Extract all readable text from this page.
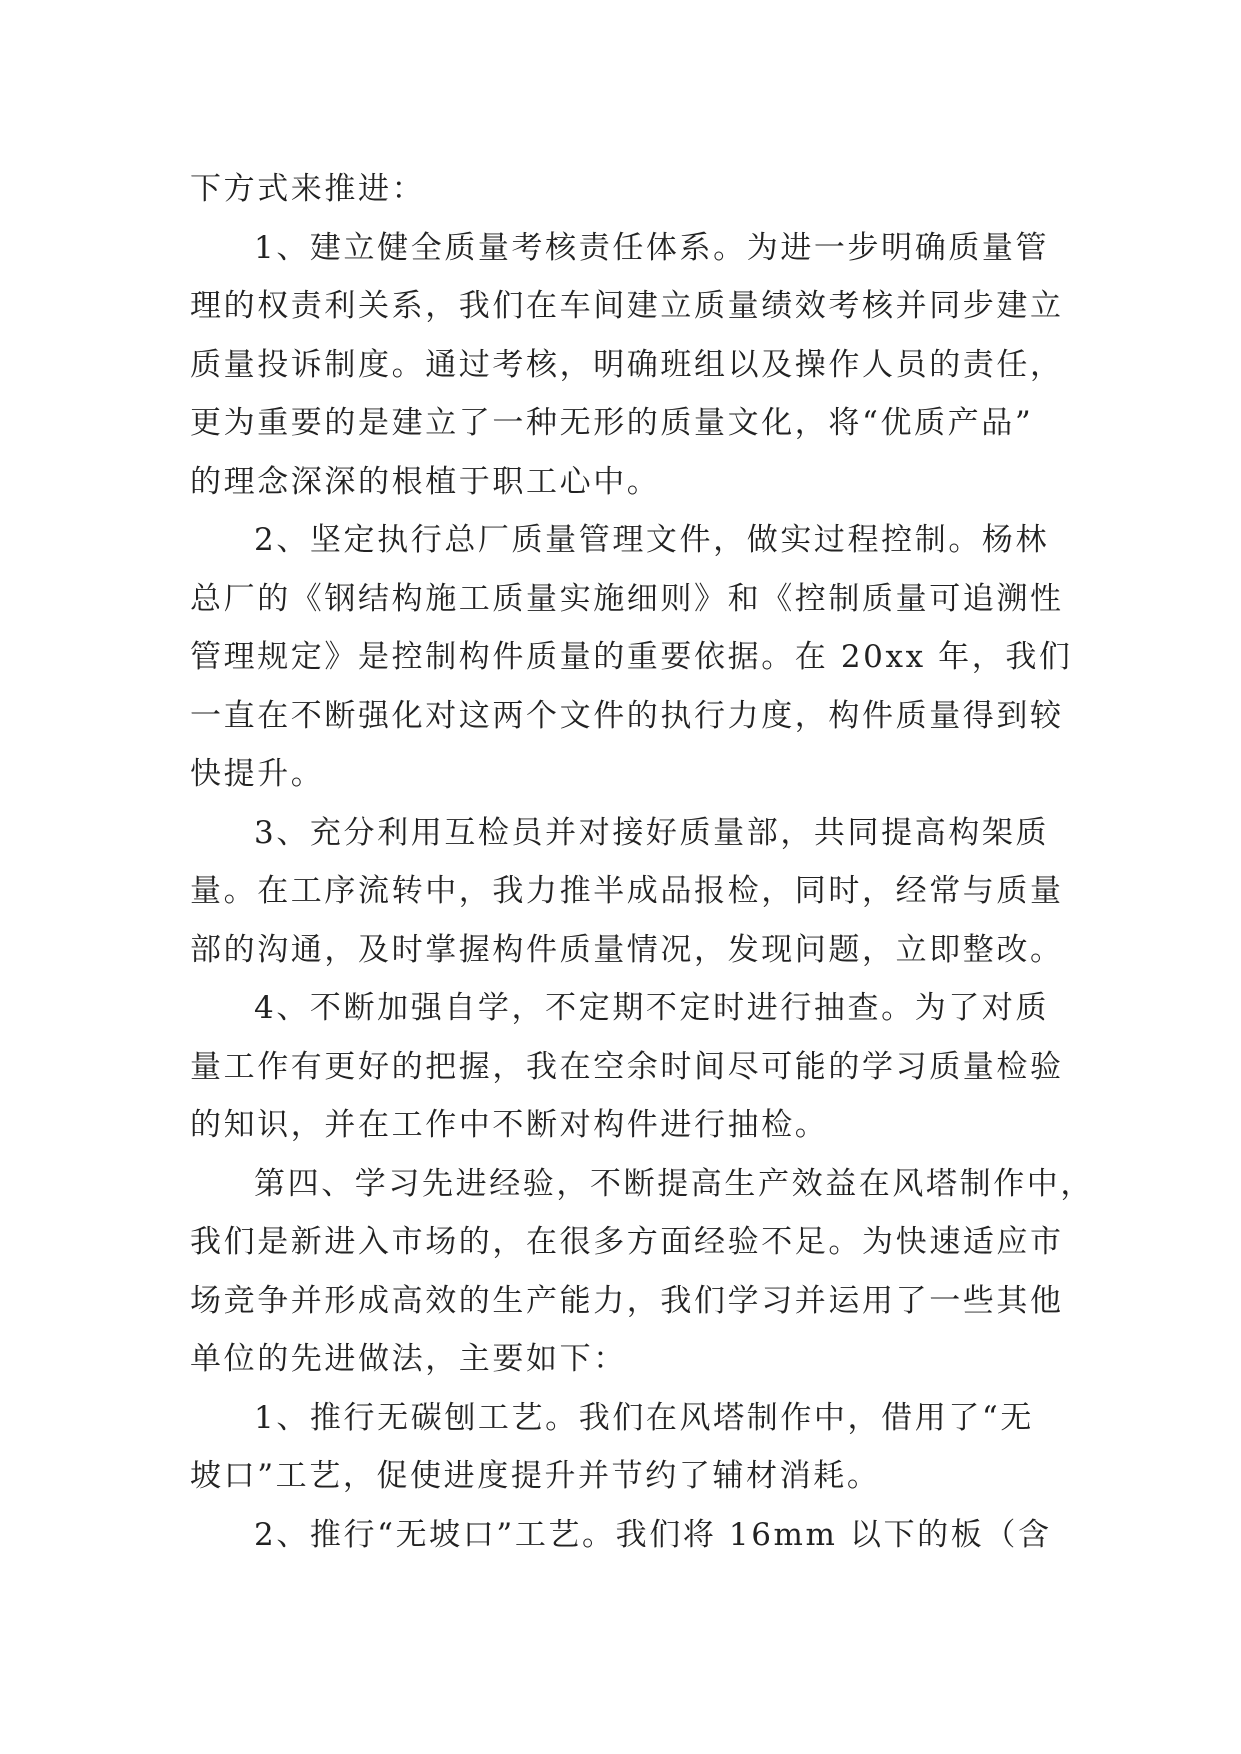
下方式来推进：
1、建立健全质量考核责任体系。为进一步明确质量管
理的权责利关系，我们在车间建立质量绩效考核并同步建立
质量投诉制度。通过考核，明确班组以及操作人员的责任，
更为重要的是建立了一种无形的质量文化，将“优质产品”
的理念深深的根植于职工心中。
2、坚定执行总厂质量管理文件，做实过程控制。杨林
总厂的《钢结构施工质量实施细则》和《控制质量可追溯性
管理规定》是控制构件质量的重要依据。在 20xx 年，我们
一直在不断强化对这两个文件的执行力度，构件质量得到较
快提升。
3、充分利用互检员并对接好质量部，共同提高构架质
量。在工序流转中，我力推半成品报检，同时，经常与质量
部的沟通，及时掌握构件质量情况，发现问题，立即整改。
4、不断加强自学，不定期不定时进行抽查。为了对质
量工作有更好的把握，我在空余时间尽可能的学习质量检验
的知识，并在工作中不断对构件进行抽检。
第四、学习先进经验，不断提高生产效益在风塔制作中，
我们是新进入市场的，在很多方面经验不足。为快速适应市
场竞争并形成高效的生产能力，我们学习并运用了一些其他
单位的先进做法，主要如下：
1、推行无碳刨工艺。我们在风塔制作中，借用了“无
坡口”工艺，促使进度提升并节约了辅材消耗。
2、推行“无坡口”工艺。我们将 16mm 以下的板（含
